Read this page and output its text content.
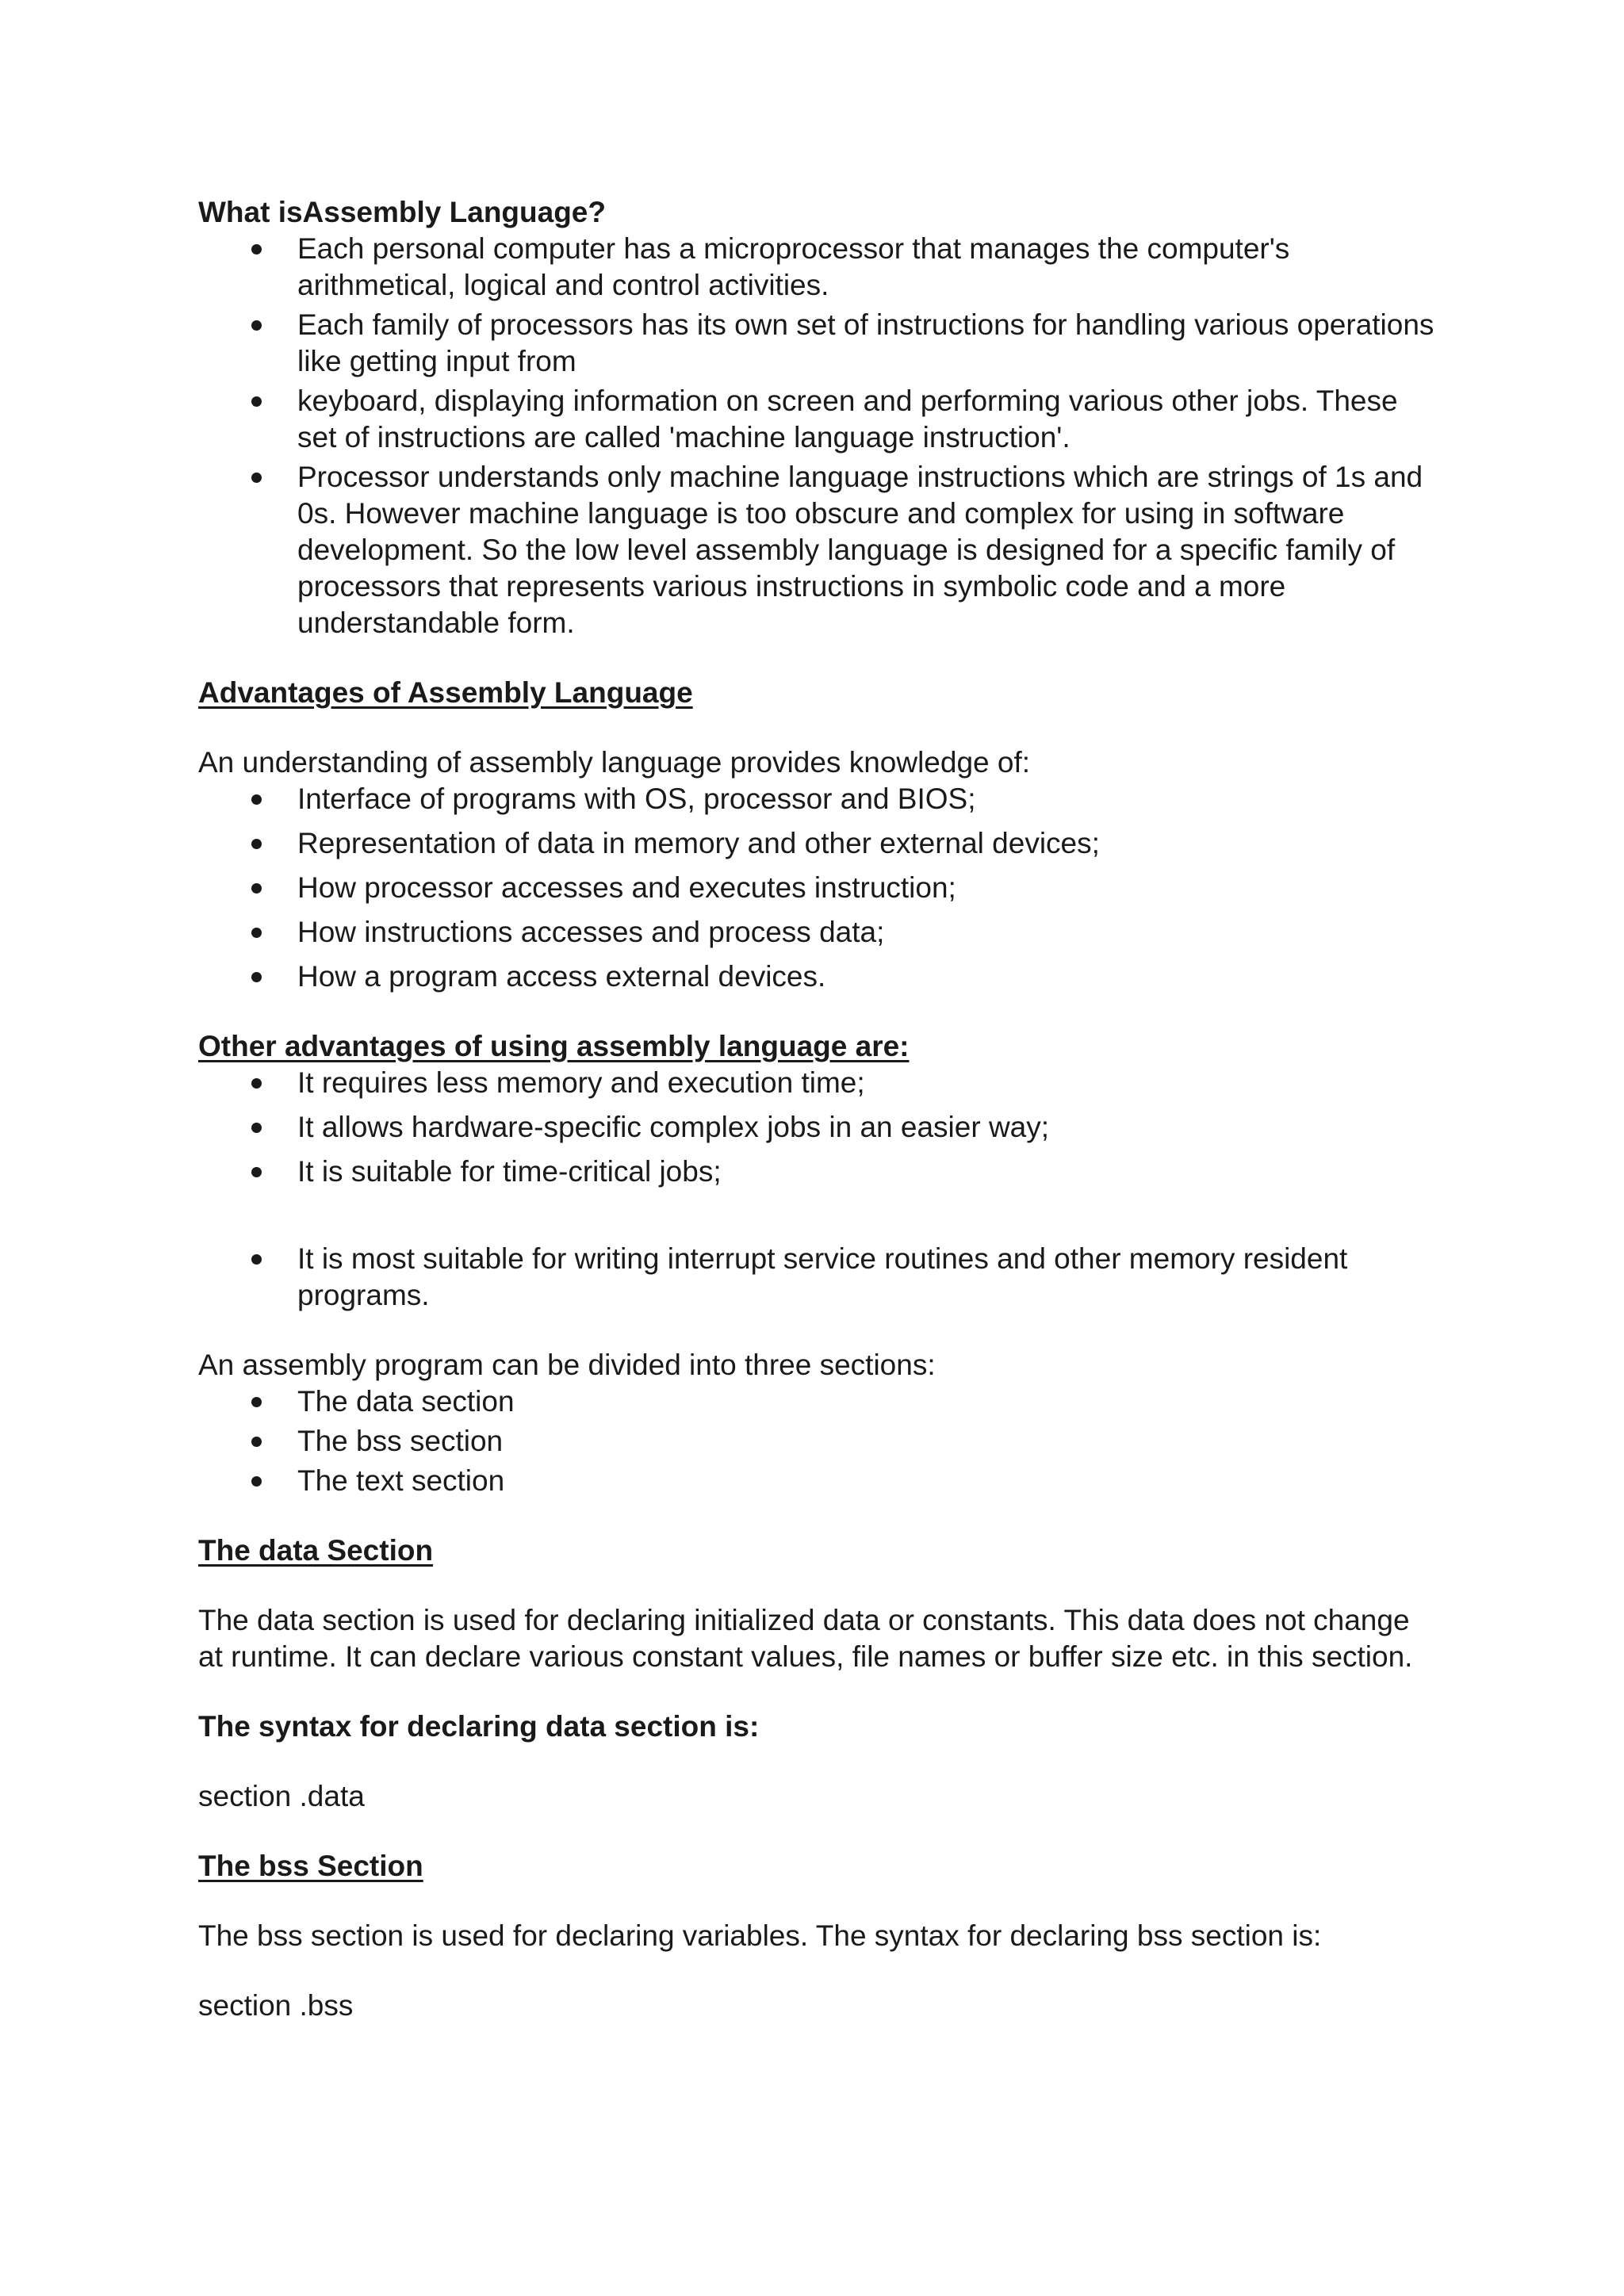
What isAssembly Language?

Each personal computer has a microprocessor that manages the computer's arithmetical, logical and control activities.
Each family of processors has its own set of instructions for handling various operations like getting input from
keyboard, displaying information on screen and performing various other jobs. These set of instructions are called 'machine language instruction'.
Processor understands only machine language instructions which are strings of 1s and 0s. However machine language is too obscure and complex for using in software development. So the low level assembly language is designed for a specific family of processors that represents various instructions in symbolic code and a more understandable form.

Advantages of Assembly Language

An understanding of assembly language provides knowledge of:

Interface of programs with OS, processor and BIOS;
Representation of data in memory and other external devices;
How processor accesses and executes instruction;
How instructions accesses and process data;
How a program access external devices.

Other advantages of using assembly language are:

It requires less memory and execution time;
It allows hardware-specific complex jobs in an easier way;
It is suitable for time-critical jobs;
It is most suitable for writing interrupt service routines and other memory resident programs.

An assembly program can be divided into three sections:

The data section
The bss section
The text section

The data Section

The data section is used for declaring initialized data or constants. This data does not change at runtime. It can declare various constant values, file names or buffer size etc. in this section.

The syntax for declaring data section is:

section .data

The bss Section

The bss section is used for declaring variables. The syntax for declaring bss section is:

section .bss
